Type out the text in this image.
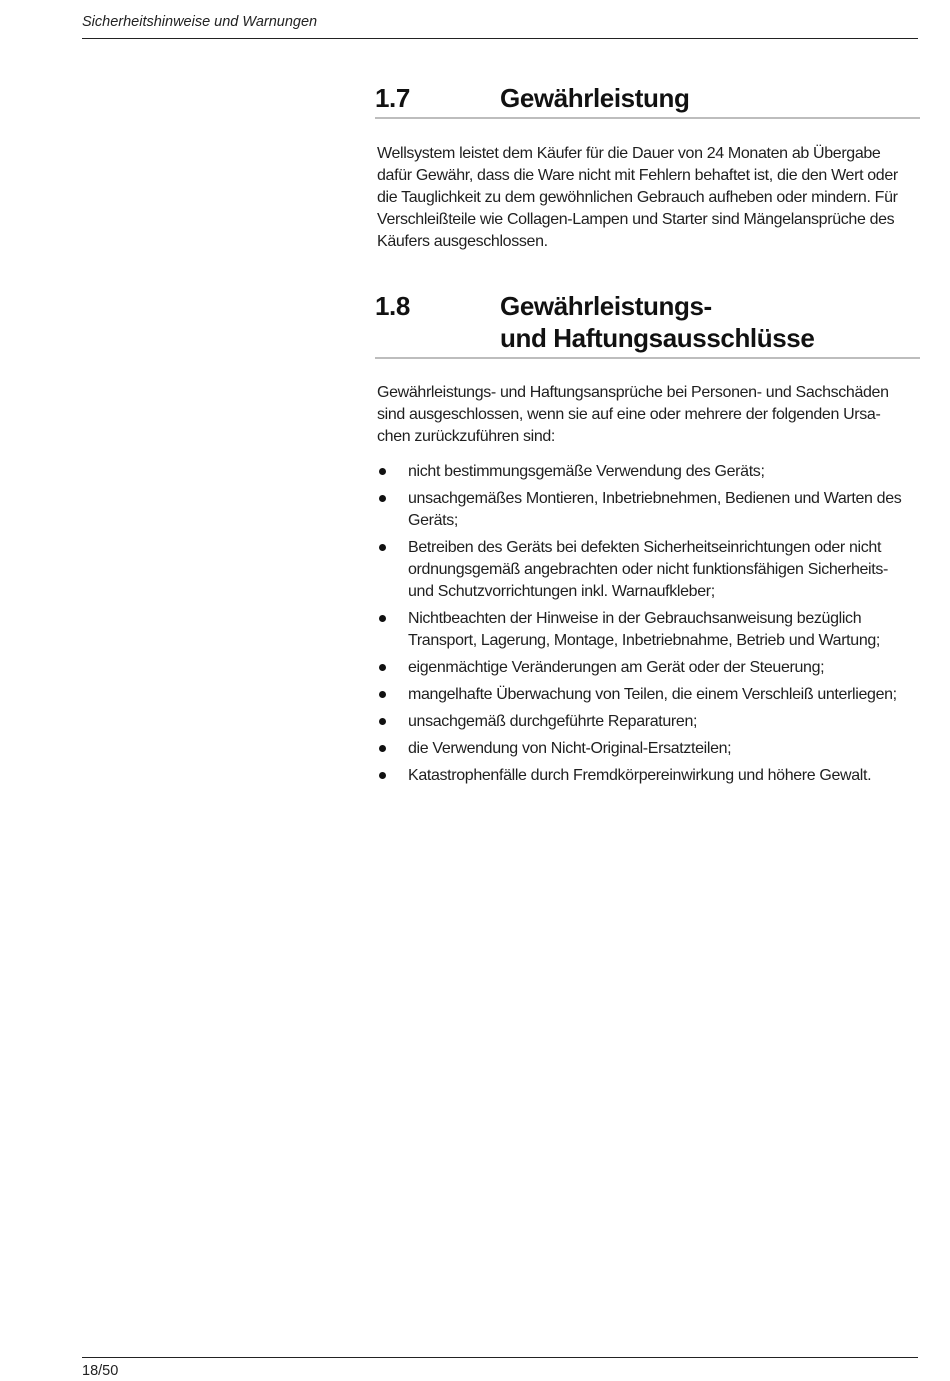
Sicherheitshinweise und Warnungen
1.7	Gewährleistung

Wellsystem leistet dem Käufer für die Dauer von 24 Monaten ab Übergabe
dafür Gewähr, dass die Ware nicht mit Fehlern behaftet ist, die den Wert oder
die Tauglichkeit zu dem gewöhnlichen Gebrauch aufheben oder mindern. Für
Verschleißteile wie Collagen-Lampen und Starter sind Mängelansprüche des
Käufers ausgeschlossen.

1.8	Gewährleistungs-
und Haftungsausschlüsse

Gewährleistungs- und Haftungsansprüche bei Personen- und Sachschäden
sind ausgeschlossen, wenn sie auf eine oder mehrere der folgenden Ursa-
chen zurückzuführen sind:

nicht bestimmungsgemäße Verwendung des Geräts;
unsachgemäßes Montieren, Inbetriebnehmen, Bedienen und Warten des
Geräts;
Betreiben des Geräts bei defekten Sicherheitseinrichtungen oder nicht
ordnungsgemäß angebrachten oder nicht funktionsfähigen Sicherheits-
und Schutzvorrichtungen inkl. Warnaufkleber;
Nichtbeachten der Hinweise in der Gebrauchsanweisung bezüglich
Transport, Lagerung, Montage, Inbetriebnahme, Betrieb und Wartung;
eigenmächtige Veränderungen am Gerät oder der Steuerung;
mangelhafte Überwachung von Teilen, die einem Verschleiß unterliegen;
unsachgemäß durchgeführte Reparaturen;
die Verwendung von Nicht-Original-Ersatzteilen;
Katastrophenfälle durch Fremdkörpereinwirkung und höhere Gewalt.
18/50
